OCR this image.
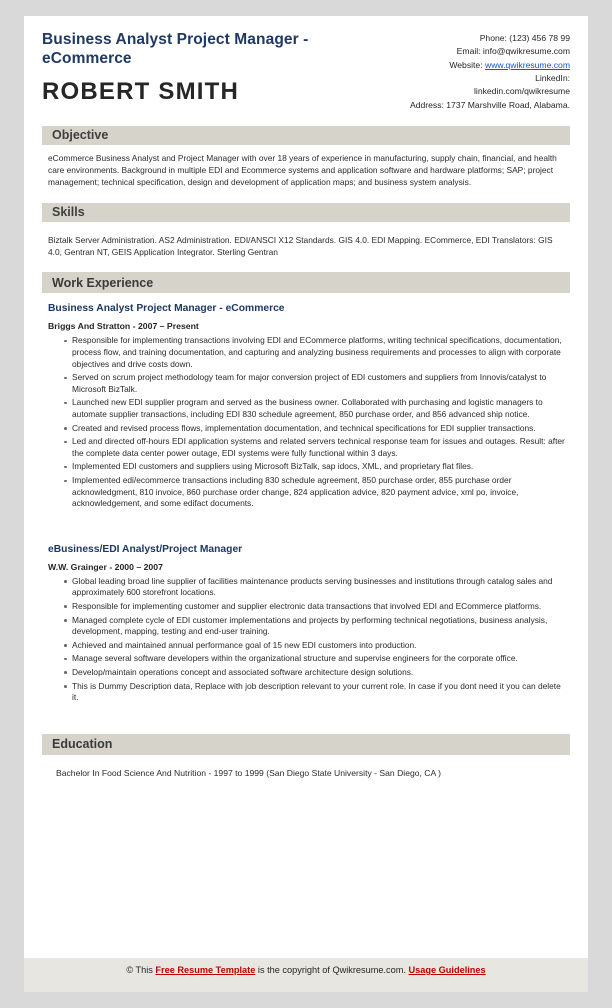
Business Analyst Project Manager - eCommerce
ROBERT SMITH
Phone: (123) 456 78 99
Email: info@qwikresume.com
Website: www.qwikresume.com
LinkedIn:
linkedin.com/qwikresume
Address: 1737 Marshville Road, Alabama.
Objective
eCommerce Business Analyst and Project Manager with over 18 years of experience in manufacturing, supply chain, financial, and health care environments. Background in multiple EDI and Ecommerce systems and application software and hardware platforms; SAP; project management; technical specification, design and development of application maps; and business system analysis.
Skills
Biztalk Server Administration. AS2 Administration. EDI/ANSCI X12 Standards. GIS 4.0. EDI Mapping. ECommerce, EDI Translators: GIS 4.0, Gentran NT, GEIS Application Integrator. Sterling Gentran
Work Experience
Business Analyst Project Manager - eCommerce
Briggs And Stratton - 2007 – Present
Responsible for implementing transactions involving EDI and ECommerce platforms, writing technical specifications, documentation, process flow, and training documentation, and capturing and analyzing business requirements and processes to align with corporate objectives and drive costs down.
Served on scrum project methodology team for major conversion project of EDI customers and suppliers from Innovis/catalyst to Microsoft BizTalk.
Launched new EDI supplier program and served as the business owner. Collaborated with purchasing and logistic managers to automate supplier transactions, including EDI 830 schedule agreement, 850 purchase order, and 856 advanced ship notice.
Created and revised process flows, implementation documentation, and technical specifications for EDI supplier transactions.
Led and directed off-hours EDI application systems and related servers technical response team for issues and outages. Result: after the complete data center power outage, EDI systems were fully functional within 3 days.
Implemented EDI customers and suppliers using Microsoft BizTalk, sap idocs, XML, and proprietary flat files.
Implemented edi/ecommerce transactions including 830 schedule agreement, 850 purchase order, 855 purchase order acknowledgment, 810 invoice, 860 purchase order change, 824 application advice, 820 payment advice, xml po, invoice, acknowledgement, and some edifact documents.
eBusiness/EDI Analyst/Project Manager
W.W. Grainger - 2000 – 2007
Global leading broad line supplier of facilities maintenance products serving businesses and institutions through catalog sales and approximately 600 storefront locations.
Responsible for implementing customer and supplier electronic data transactions that involved EDI and ECommerce platforms.
Managed complete cycle of EDI customer implementations and projects by performing technical negotiations, business analysis, development, mapping, testing and end-user training.
Achieved and maintained annual performance goal of 15 new EDI customers into production.
Manage several software developers within the organizational structure and supervise engineers for the corporate office.
Develop/maintain operations concept and associated software architecture design solutions.
This is Dummy Description data, Replace with job description relevant to your current role. In case if you dont need it you can delete it.
Education
Bachelor In Food Science And Nutrition - 1997 to 1999 (San Diego State University - San Diego, CA )
© This Free Resume Template is the copyright of Qwikresume.com. Usage Guidelines
